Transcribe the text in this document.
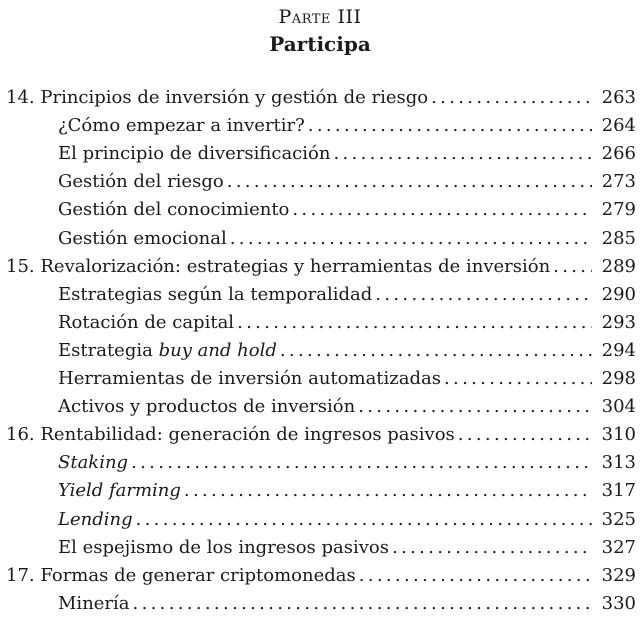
Parte III
Participa
14. Principios de inversión y gestión de riesgo . . .	263
¿Cómo empezar a invertir? . . .	264
El principio de diversificación . . .	266
Gestión del riesgo . . .	273
Gestión del conocimiento . . .	279
Gestión emocional . . .	285
15. Revalorización: estrategias y herramientas de inversión . . .	289
Estrategias según la temporalidad . . .	290
Rotación de capital . . .	293
Estrategia buy and hold . . .	294
Herramientas de inversión automatizadas . . .	298
Activos y productos de inversión . . .	304
16. Rentabilidad: generación de ingresos pasivos . . .	310
Staking . . .	313
Yield farming . . .	317
Lending . . .	325
El espejismo de los ingresos pasivos . . .	327
17. Formas de generar criptomonedas . . .	329
Minería . . .	330
